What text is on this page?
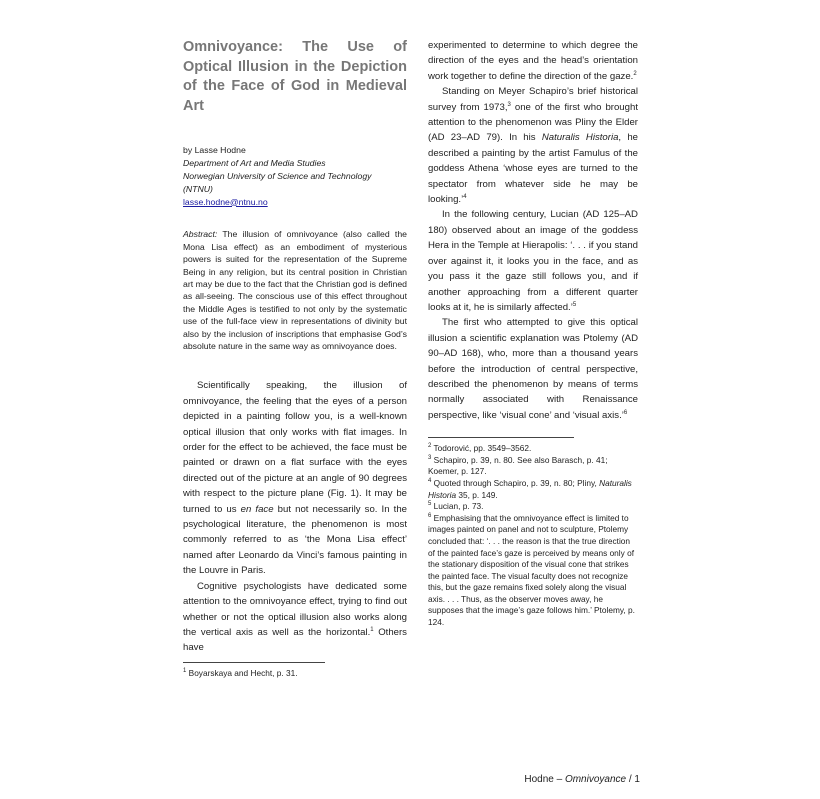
Omnivoyance: The Use of Optical Illusion in the Depiction of the Face of God in Medieval Art
by Lasse Hodne
Department of Art and Media Studies
Norwegian University of Science and Technology
(NTNU)
lasse.hodne@ntnu.no

Abstract: The illusion of omnivoyance (also called the Mona Lisa effect) as an embodiment of mysterious powers is suited for the representation of the Supreme Being in any religion, but its central position in Christian art may be due to the fact that the Christian god is defined as all-seeing. The conscious use of this effect throughout the Middle Ages is testified to not only by the systematic use of the full-face view in representations of divinity but also by the inclusion of inscriptions that emphasise God’s absolute nature in the same way as omnivoyance does.

Scientifically speaking, the illusion of omnivoyance, the feeling that the eyes of a person depicted in a painting follow you, is a well-known optical illusion that only works with flat images. In order for the effect to be achieved, the face must be painted or drawn on a flat surface with the eyes directed out of the picture at an angle of 90 degrees with respect to the picture plane (Fig. 1). It may be turned to us en face but not necessarily so. In the psychological literature, the phenomenon is most commonly referred to as ‘the Mona Lisa effect’ named after Leonardo da Vinci’s famous painting in the Louvre in Paris.

Cognitive psychologists have dedicated some attention to the omnivoyance effect, trying to find out whether or not the optical illusion also works along the vertical axis as well as the horizontal.$^1$ Others have

$^1$ Boyarskaya and Hecht, p. 31.

experimented to determine to which degree the direction of the eyes and the head’s orientation work together to define the direction of the gaze.$^2$

Standing on Meyer Schapiro’s brief historical survey from 1973,$^3$ one of the first who brought attention to the phenomenon was Pliny the Elder (AD 23–AD 79). In his Naturalis Historia, he described a painting by the artist Famulus of the goddess Athena ‘whose eyes are turned to the spectator from whatever side he may be looking.’$^4$

In the following century, Lucian (AD 125–AD 180) observed about an image of the goddess Hera in the Temple at Hierapolis: ‘. . . if you stand over against it, it looks you in the face, and as you pass it the gaze still follows you, and if another approaching from a different quarter looks at it, he is similarly affected.’$^5$

The first who attempted to give this optical illusion a scientific explanation was Ptolemy (AD 90–AD 168), who, more than a thousand years before the introduction of central perspective, described the phenomenon by means of terms normally associated with Renaissance perspective, like ‘visual cone’ and ‘visual axis.’$^6$

$^2$ Todorović, pp. 3549–3562.

$^3$ Schapiro, p. 39, n. 80. See also Barasch, p. 41; Koemer, p. 127.

$^4$ Quoted through Schapiro, p. 39, n. 80; Pliny, Naturalis Historia 35, p. 149.

$^5$ Lucian, p. 73.

$^6$ Emphasising that the omnivoyance effect is limited to images painted on panel and not to sculpture, Ptolemy concluded that: ‘. . . the reason is that the true direction of the painted face’s gaze is perceived by means only of the stationary disposition of the visual cone that strikes the painted face. The visual faculty does not recognize this, but the gaze remains fixed solely along the visual axis. . . . Thus, as the observer moves away, he supposes that the image’s gaze follows him.’ Ptolemy, p. 124.

Hodne – Omnivoyance / 1
